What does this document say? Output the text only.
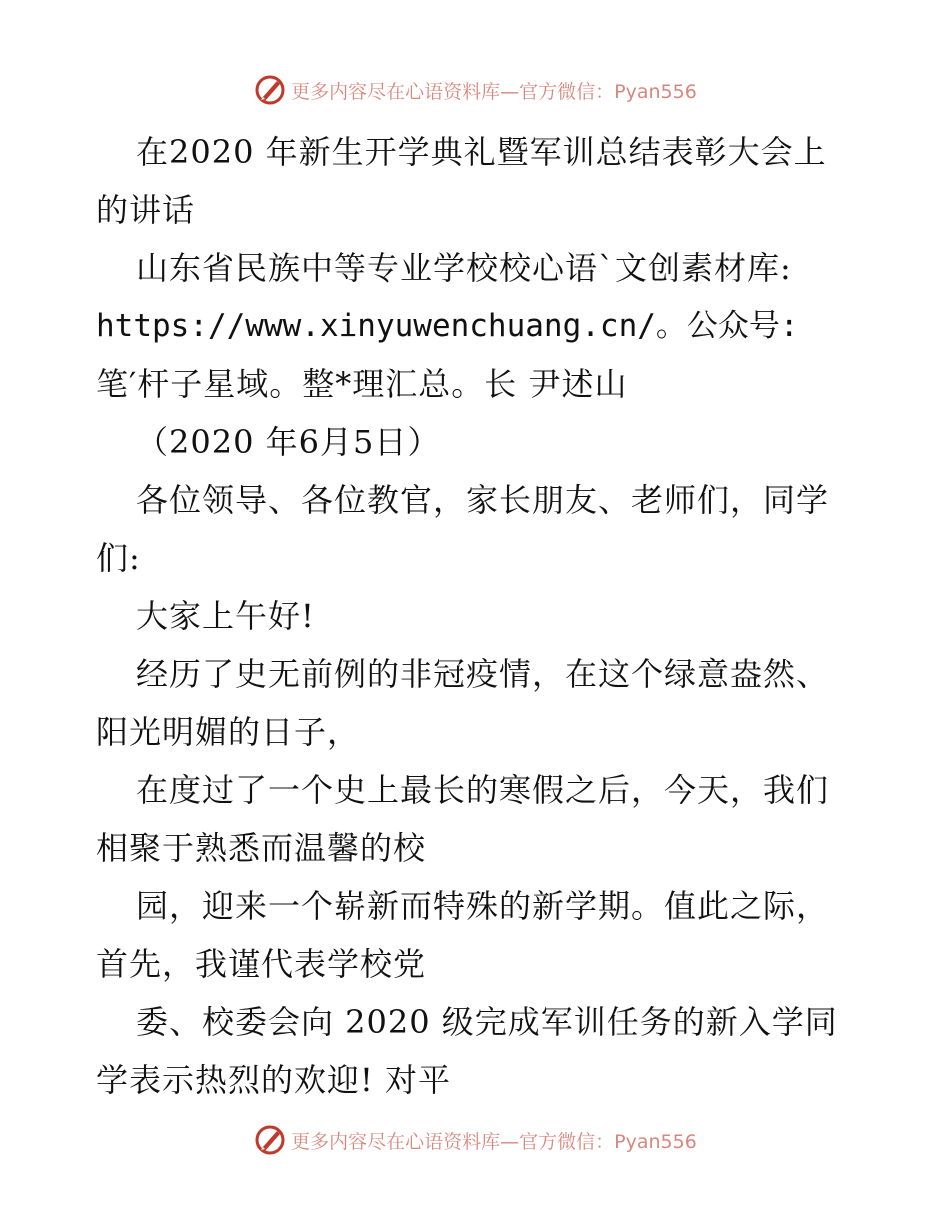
更多内容尽在心语资料库—官方微信：Pyan556
在2020 年新生开学典礼暨军训总结表彰大会上
的讲话
山东省民族中等专业学校校心语`文创素材库:
https://www.xinyuwenchuang.cn/。公众号:
笔′杆子星域。整*理汇总。长 尹述山
（2020 年6月5日）
各位领导、各位教官，家长朋友、老师们，同学
们:
大家上午好!
经历了史无前例的非冠疫情，在这个绿意盎然、
阳光明媚的日子，
在度过了一个史上最长的寒假之后，今天，我们
相聚于熟悉而温馨的校
园，迎来一个崭新而特殊的新学期。值此之际，
首先，我谨代表学校党
委、校委会向 2020 级完成军训任务的新入学同
学表示热烈的欢迎! 对平
更多内容尽在心语资料库—官方微信：Pyan556
